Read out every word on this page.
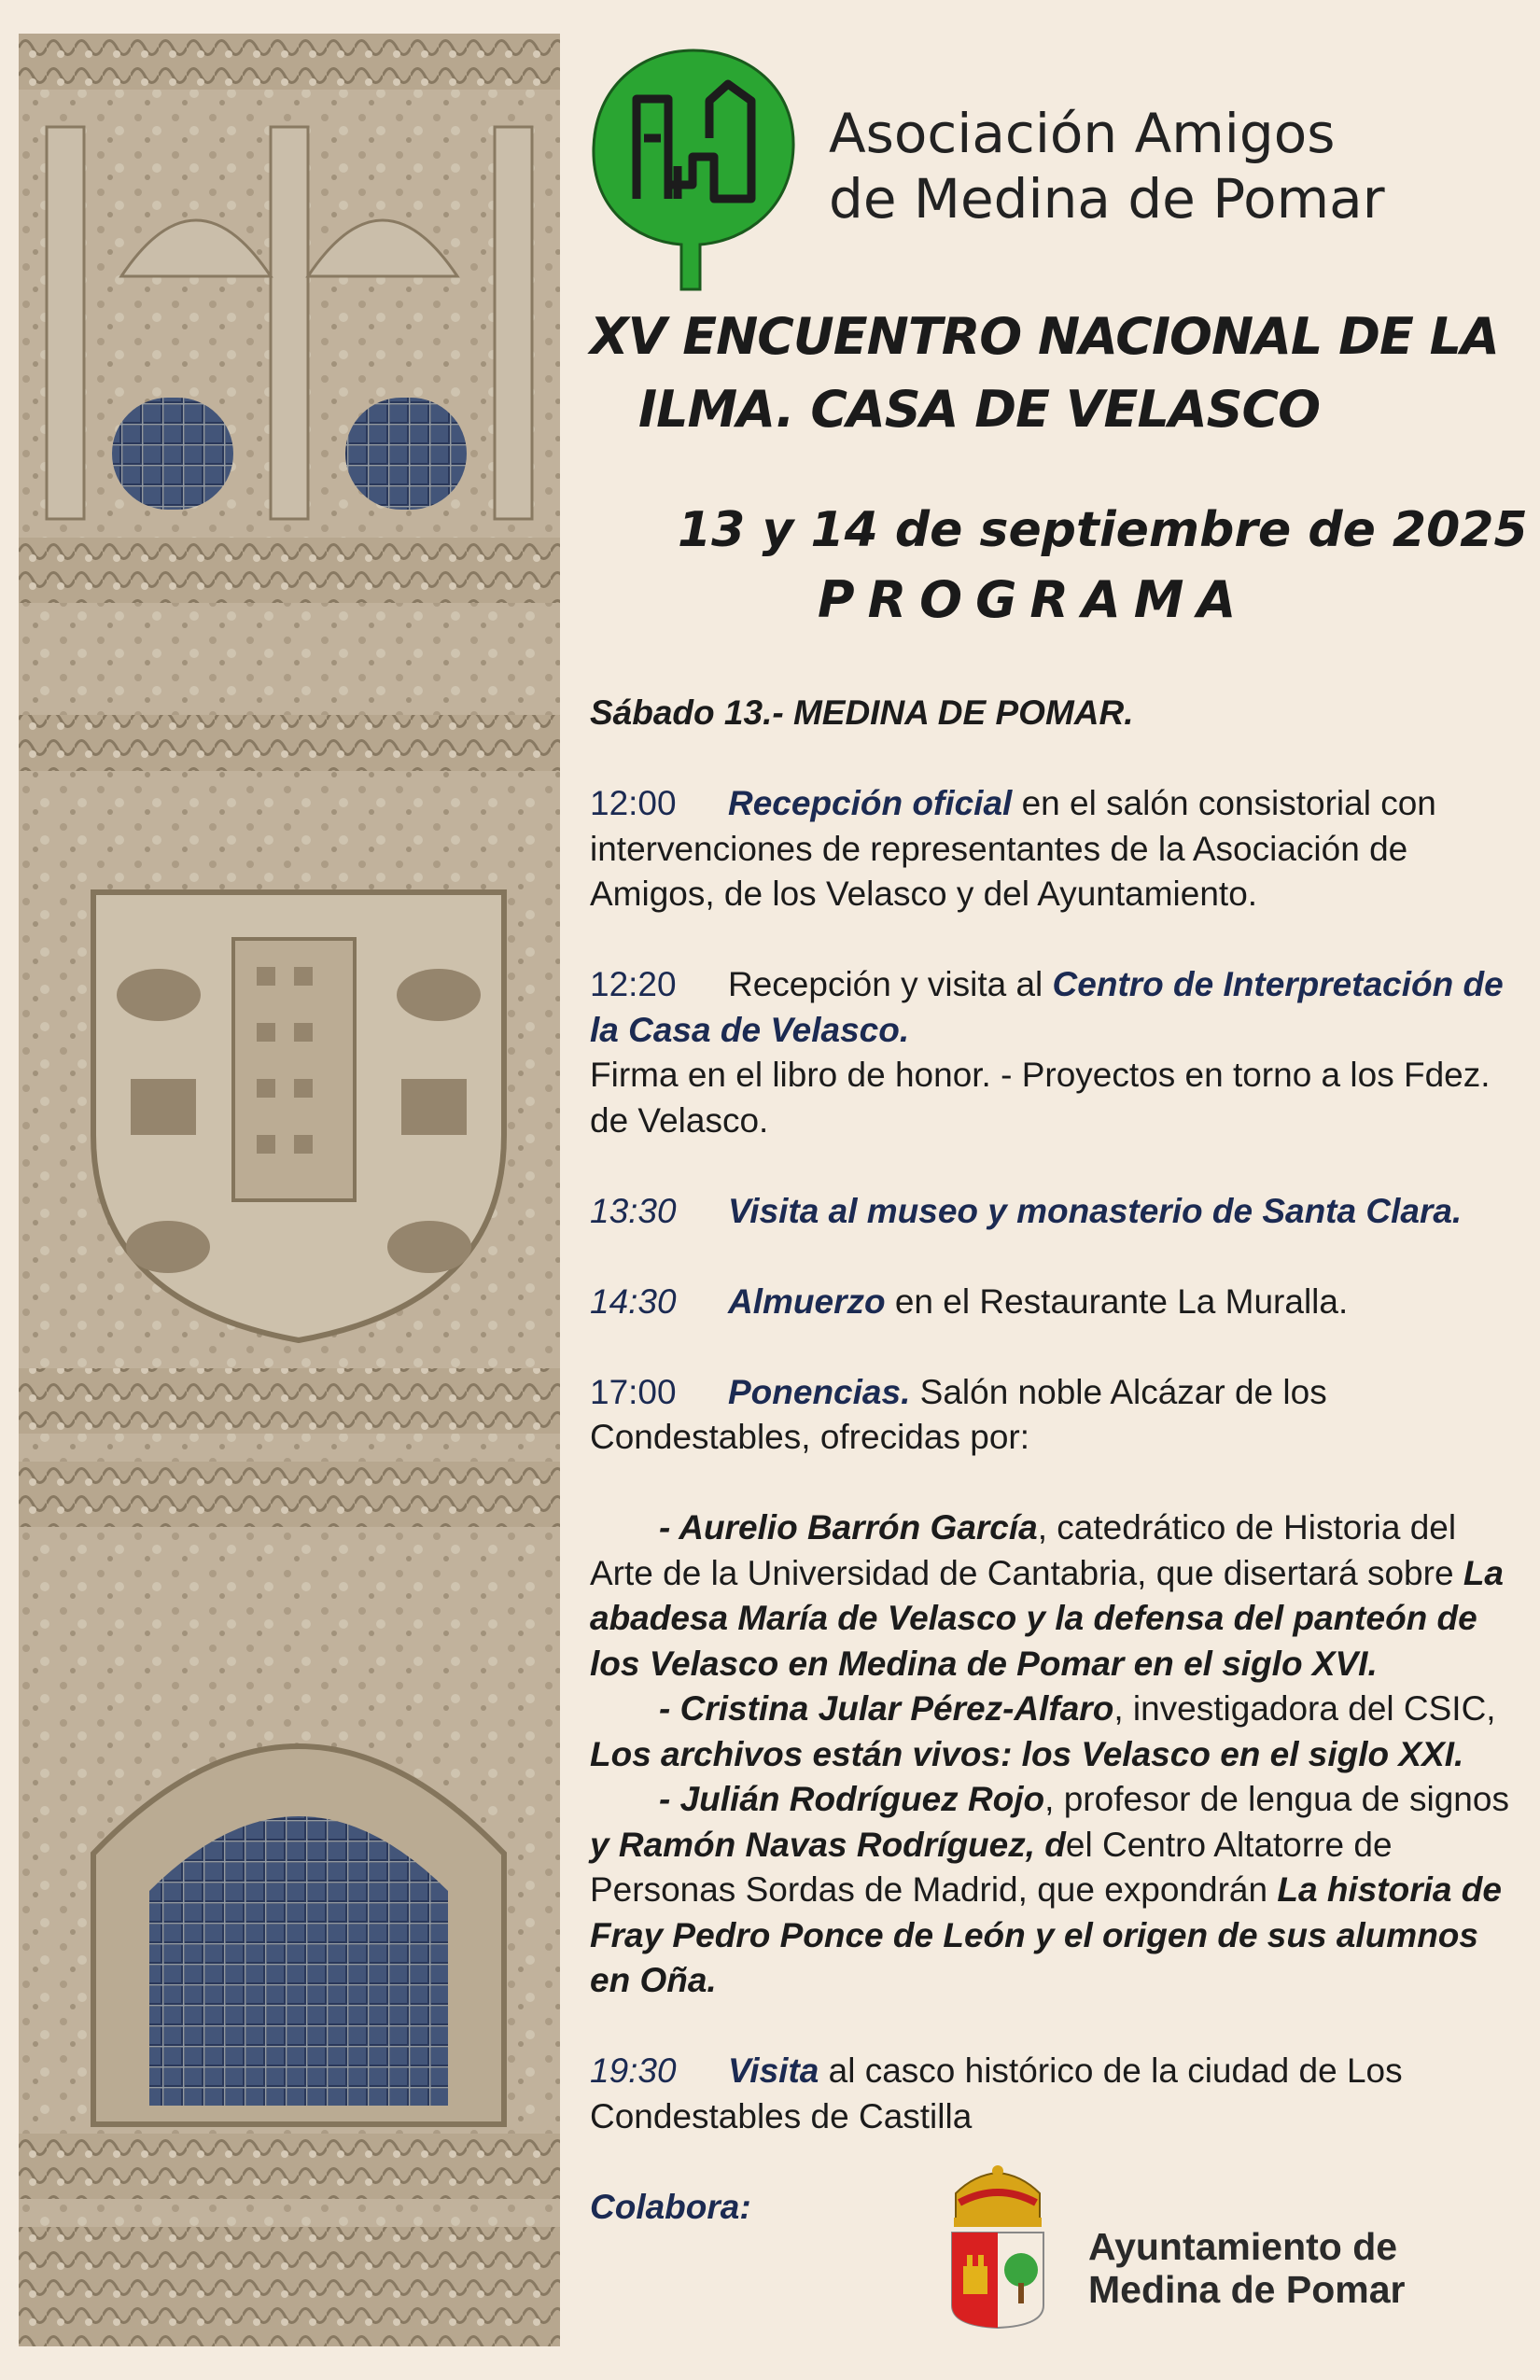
Asociación Amigos
de Medina de Pomar
XV ENCUENTRO NACIONAL DE LA
ILMA. CASA DE VELASCO
13 y 14 de septiembre de 2025
PROGRAMA

Sábado 13.- MEDINA DE POMAR.

12:00 Recepción oficial en el salón consistorial con intervenciones de representantes de la Asociación de Amigos, de los Velasco y del Ayuntamiento.

12:20 Recepción y visita al Centro de Interpretación de la Casa de Velasco.

Firma en el libro de honor. - Proyectos en torno a los Fdez. de Velasco.

13:30 Visita al museo y monasterio de Santa Clara.

14:30 Almuerzo en el Restaurante La Muralla.

17:00 Ponencias. Salón noble Alcázar de los Condestables, ofrecidas por:

- Aurelio Barrón García, catedrático de Historia del Arte de la Universidad de Cantabria, que disertará sobre La abadesa María de Velasco y la defensa del panteón de los Velasco en Medina de Pomar en el siglo XVI.

- Cristina Jular Pérez-Alfaro, investigadora del CSIC, Los archivos están vivos: los Velasco en el siglo XXI.

- Julián Rodríguez Rojo, profesor de lengua de signos y Ramón Navas Rodríguez, del Centro Altatorre de Personas Sordas de Madrid, que expondrán La historia de Fray Pedro Ponce de León y el origen de sus alumnos en Oña.

19:30 Visita al casco histórico de la ciudad de Los Condestables de Castilla

Colabora:

Ayuntamiento de
Medina de Pomar
